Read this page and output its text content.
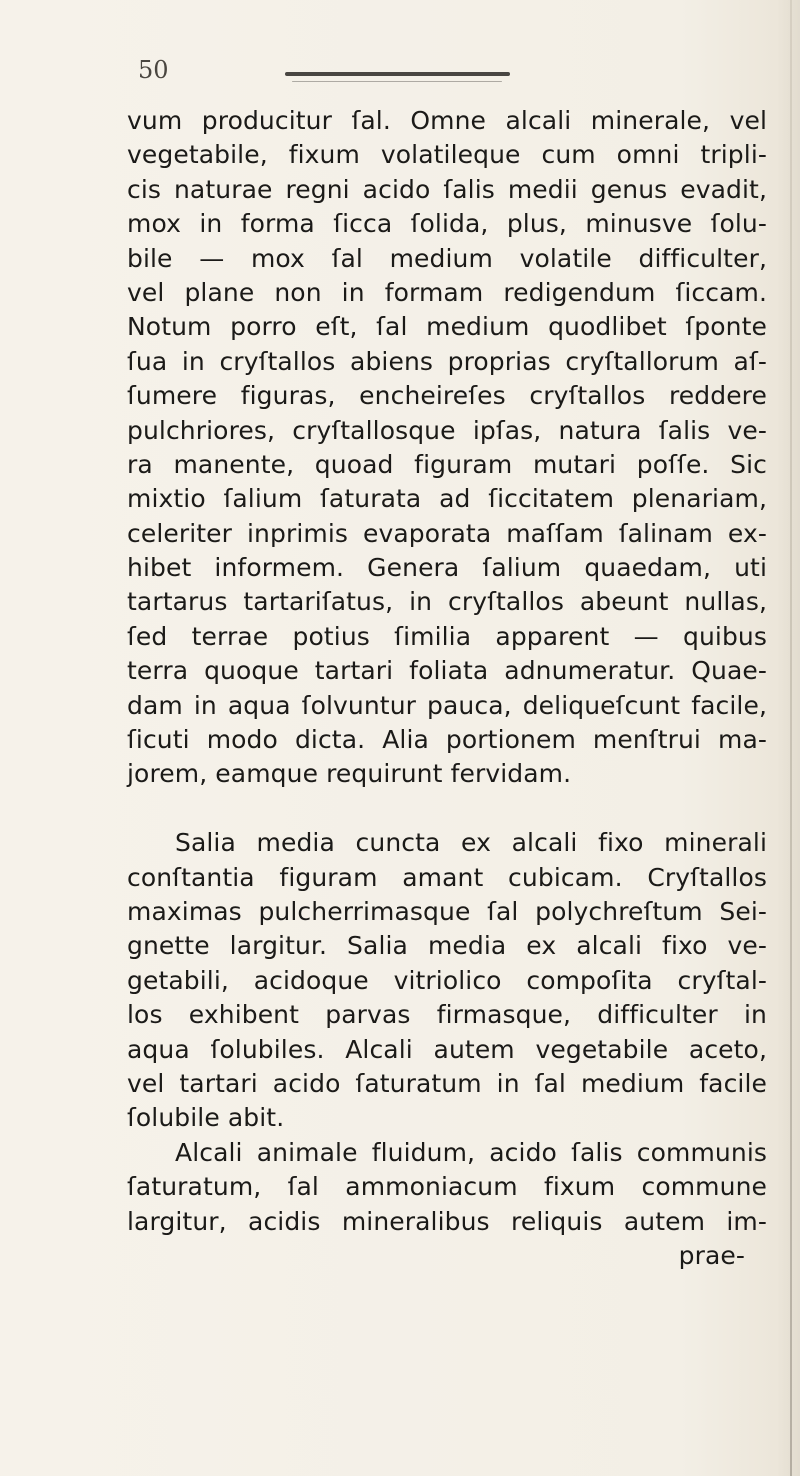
50
vum producitur ſal. Omne alcali minerale, vel
vegetabile, fixum volatileque cum omni tripli-
cis naturae regni acido ſalis medii genus evadit,
mox in forma ſicca ſolida, plus, minusve ſolu-
bile — mox ſal medium volatile difficulter,
vel plane non in formam redigendum ſiccam.
Notum porro eſt, ſal medium quodlibet ſponte
ſua in cryſtallos abiens proprias cryſtallorum aſ-
ſumere figuras, encheireſes cryſtallos reddere
pulchriores, cryſtallosque ipſas, natura ſalis ve-
ra manente, quoad figuram mutari poſſe. Sic
mixtio ſalium ſaturata ad ſiccitatem plenariam,
celeriter inprimis evaporata maſſam ſalinam ex-
hibet informem. Genera ſalium quaedam, uti
tartarus tartariſatus, in cryſtallos abeunt nullas,
ſed terrae potius ſimilia apparent — quibus
terra quoque tartari foliata adnumeratur. Quae-
dam in aqua ſolvuntur pauca, deliqueſcunt facile,
ſicuti modo dicta. Alia portionem menſtrui ma-
jorem, eamque requirunt fervidam.
Salia media cuncta ex alcali fixo minerali
conſtantia figuram amant cubicam. Cryſtallos
maximas pulcherrimasque ſal polychreſtum Sei-
gnette largitur. Salia media ex alcali fixo ve-
getabili, acidoque vitriolico compoſita cryſtal-
los exhibent parvas firmasque, difficulter in
aqua ſolubiles. Alcali autem vegetabile aceto,
vel tartari acido ſaturatum in ſal medium facile
ſolubile abit.
Alcali animale fluidum, acido ſalis communis
ſaturatum, ſal ammoniacum fixum commune
largitur, acidis mineralibus reliquis autem im-
prae-
